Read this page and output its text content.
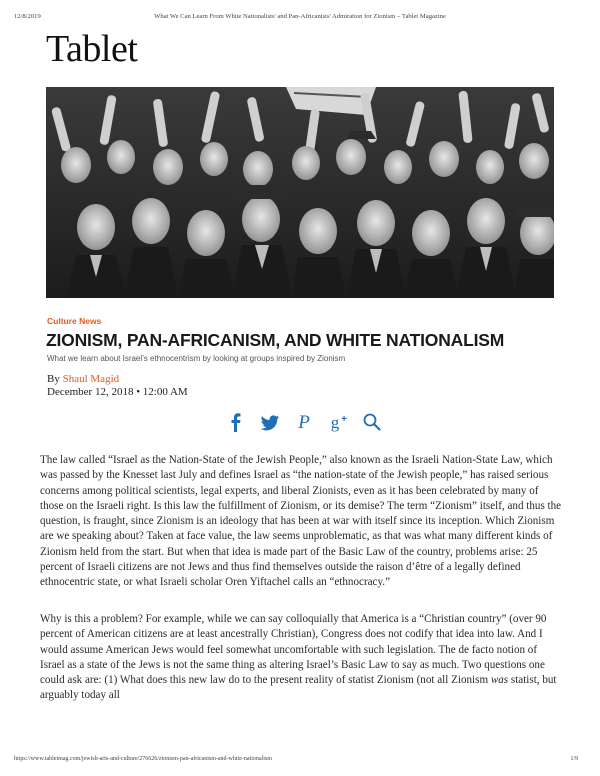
12/8/2019	What We Can Learn From White Nationalists' and Pan-Africanists' Admiration for Zionism – Tablet Magazine
Tablet
Culture News
ZIONISM, PAN-AFRICANISM, AND WHITE NATIONALISM
What we learn about Israel’s ethnocentrism by looking at groups inspired by Zionism
By Shaul Magid
December 12, 2018 • 12:00 AM
P g +

The law called “Israel as the Nation-State of the Jewish People,” also known as the Israeli Nation-State Law, which was passed by the Knesset last July and defines Israel as “the nation-state of the Jewish people,” has raised serious concerns among political scientists, legal experts, and liberal Zionists, even as it has been celebrated by many of those on the Israeli right. Is this law the fulfillment of Zionism, or its demise? The term “Zionism” itself, and thus the question, is fraught, since Zionism is an ideology that has been at war with itself since its inception. Which Zionism are we speaking about? Taken at face value, the law seems unproblematic, as that was what many different kinds of Zionism held from the start. But when that idea is made part of the Basic Law of the country, problems arise: 25 percent of Israeli citizens are not Jews and thus find themselves outside the raison d’être of a legally defined ethnocentric state, or what Israeli scholar Oren Yiftachel calls an “ethnocracy.”

Why is this a problem? For example, while we can say colloquially that America is a “Christian country” (over 90 percent of American citizens are at least ancestrally Christian), Congress does not codify that idea into law. And I would assume American Jews would feel somewhat uncomfortable with such legislation. The de facto notion of Israel as a state of the Jews is not the same thing as altering Israel’s Basic Law to say as much. Two questions one could ask are: (1) What does this new law do to the present reality of statist Zionism (not all Zionism was statist, but arguably today all

https://www.tabletmag.com/jewish-arts-and-culture/276626/zionism-pan-africanism-and-white-nationalism	1/9
